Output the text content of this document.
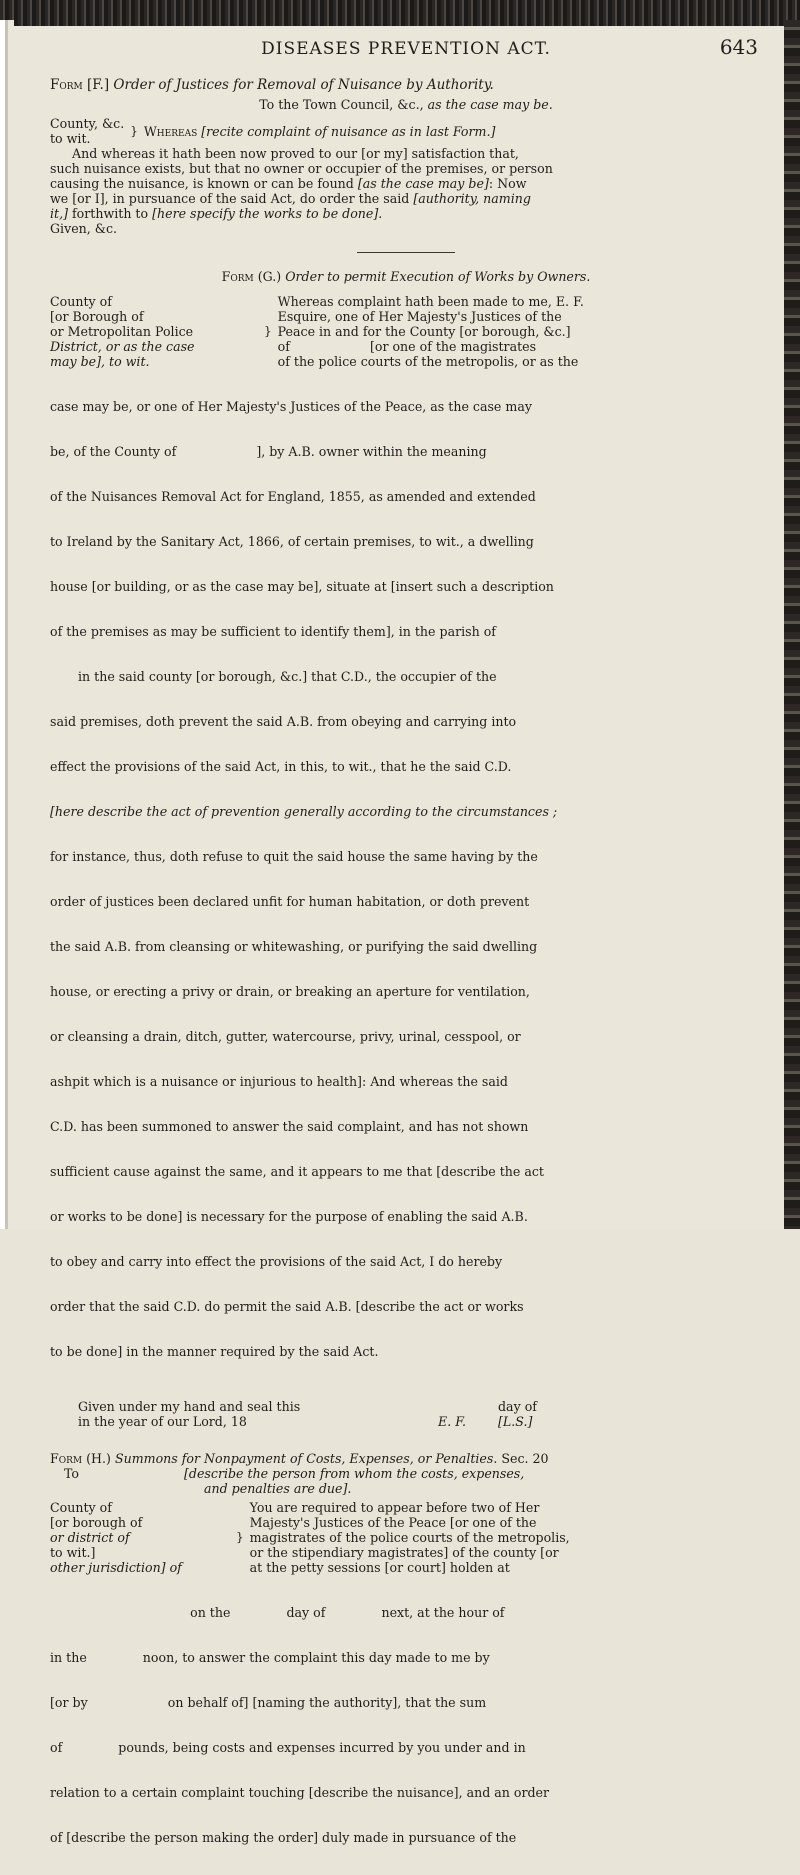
DISEASES PREVENTION ACT.	643
Form [F.] Order of Justices for Removal of Nuisance by Authority.
To the Town Council, &c., as the case may be.
County, &c.
to wit.
} Whereas
[recite complaint of nuisance as in last Form.]
And whereas it hath been now proved to our [or my] satisfaction that,
such nuisance exists, but that no owner or occupier of the premises, or person
causing the nuisance, is known or can be found [as the case may be]: Now
we [or I], in pursuance of the said Act, do order the said [authority, naming
it,] forthwith to [here specify the works to be done].
Given, &c.
Form (G.) Order to permit Execution of Works by Owners.
County of
[or Borough of
or Metropolitan Police
District, or as the case
may be], to wit.
}
Whereas complaint hath been made to me, E. F.
Esquire, one of Her Majesty's Justices of the
Peace in and for the County [or borough, &c.]
of                    [or one of the magistrates
of the police courts of the metropolis, or as the

case may be, or one of Her Majesty's Justices of the Peace, as the case may

be, of the County of                    ], by A.B. owner within the meaning

of the Nuisances Removal Act for England, 1855, as amended and extended

to Ireland by the Sanitary Act, 1866, of certain premises, to wit., a dwelling

house [or building, or as the case may be], situate at [insert such a description

of the premises as may be sufficient to identify them], in the parish of

in the said county [or borough, &c.] that C.D., the occupier of the

said premises, doth prevent the said A.B. from obeying and carrying into

effect the provisions of the said Act, in this, to wit., that he the said C.D.

[here describe the act of prevention generally according to the circumstances ;

for instance, thus, doth refuse to quit the said house the same having by the

order of justices been declared unfit for human habitation, or doth prevent

the said A.B. from cleansing or whitewashing, or purifying the said dwelling

house, or erecting a privy or drain, or breaking an aperture for ventilation,

or cleansing a drain, ditch, gutter, watercourse, privy, urinal, cesspool, or

ashpit which is a nuisance or injurious to health]: And whereas the said

C.D. has been summoned to answer the said complaint, and has not shown

sufficient cause against the same, and it appears to me that [describe the act

or works to be done] is necessary for the purpose of enabling the said A.B.

to obey and carry into effect the provisions of the said Act, I do hereby

order that the said C.D. do permit the said A.B. [describe the act or works

to be done] in the manner required by the said Act.

Given under my hand and seal this	day of
in the year of our Lord, 18	E. F.        [L.S.]
Form (H.) Summons for Nonpayment of Costs, Expenses, or Penalties. Sec. 20
To	[describe the person from whom the costs, expenses,
and penalties are due].
County of
[or borough of
or district of
to wit.]
other jurisdiction] of
}
You are required to appear before two of Her
Majesty's Justices of the Peace [or one of the
magistrates of the police courts of the metropolis,
or the stipendiary magistrates] of the county [or
at the petty sessions [or court] holden at

on the              day of              next, at the hour of

in the              noon, to answer the complaint this day made to me by

[or by                    on behalf of] [naming the authority], that the sum

of              pounds, being costs and expenses incurred by you under and in

relation to a certain complaint touching [describe the nuisance], and an order

of [describe the person making the order] duly made in pursuance of the
